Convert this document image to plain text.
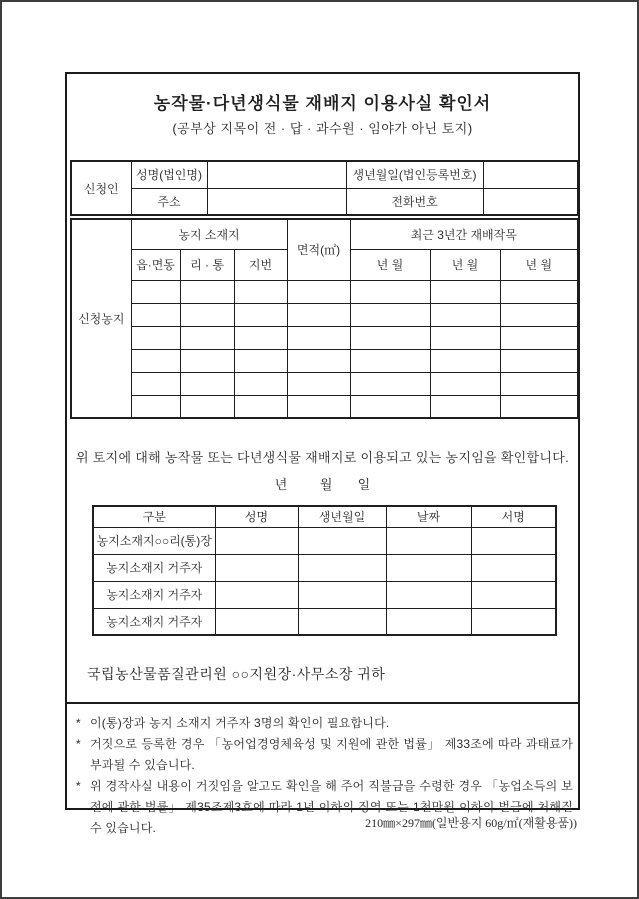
농작물·다년생식물 재배지 이용사실 확인서
(공부상 지목이 전 · 답 · 과수원 · 임야가 아닌 토지)
신청인	성명(법인명)		생년월일(법인등록번호)	
	주소		전화번호	
신청농지	농지 소재지			면적(㎡)	최근 3년간 재배작목		
	읍·면동	리 · 통	지번		년 월	년 월	년 월

위 토지에 대해 농작물 또는 다년생식물 재배지로 이용되고 있는 농지임을 확인합니다.
년         월       일
구분	성명	생년월일	날짜	서명
농지소재지○○리(통)장				
농지소재지 거주자				
농지소재지 거주자				
농지소재지 거주자				
국립농산물품질관리원 ○○지원장·사무소장 귀하
* 이(통)장과 농지 소재지 거주자 3명의 확인이 필요합니다.
* 거짓으로 등록한 경우 「농어업경영체육성 및 지원에 관한 법률」 제33조에 따라 과태료가 부과될 수 있습니다.
* 위 경작사실 내용이 거짓임을 알고도 확인을 해 주어 직불금을 수령한 경우 「농업소득의 보전에 관한 법률」 제35조제3호에 따라 1년 이하의 징역 또는 1천만원 이하의 벌금에 처해질 수 있습니다.	210㎜×297㎜(일반용지 60g/㎡(재활용품))
